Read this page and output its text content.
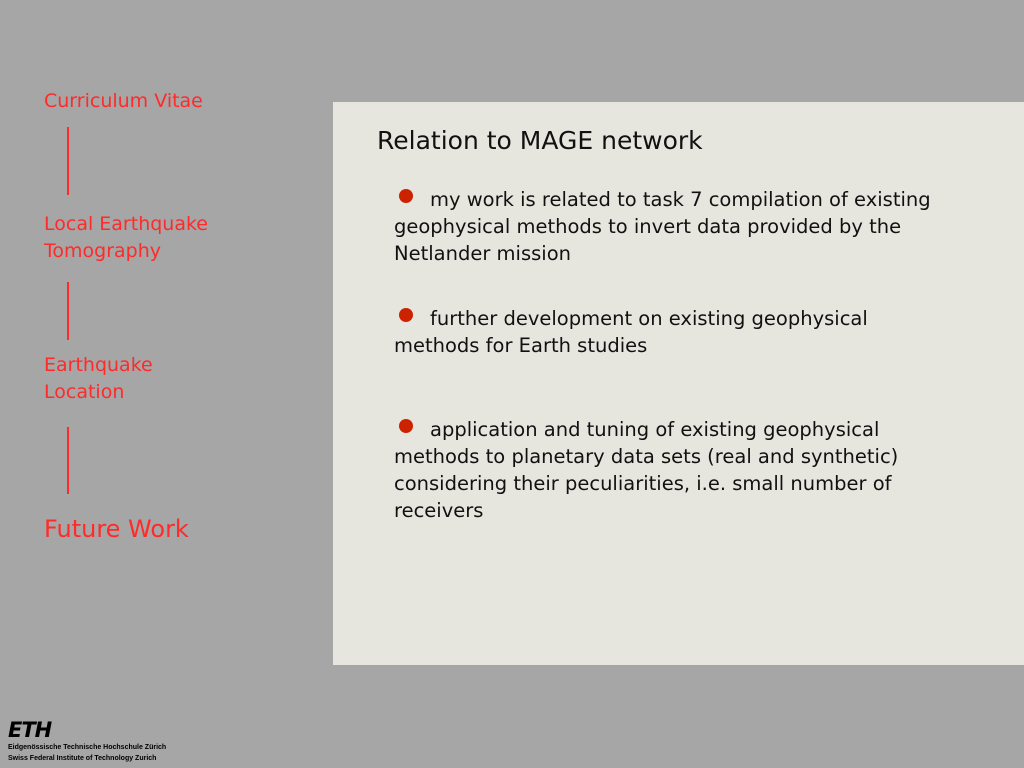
Curriculum Vitae
Local Earthquake
Tomography
Earthquake
Location
Future Work
Relation to MAGE network
my work is related to task 7 compilation of existing geophysical methods to invert data provided by the Netlander mission
further development on existing geophysical methods for Earth studies
application and tuning of existing geophysical methods to planetary data sets (real and synthetic) considering their peculiarities, i.e. small number of receivers
ETH
Eidgenössische Technische Hochschule Zürich
Swiss Federal Institute of Technology Zurich
